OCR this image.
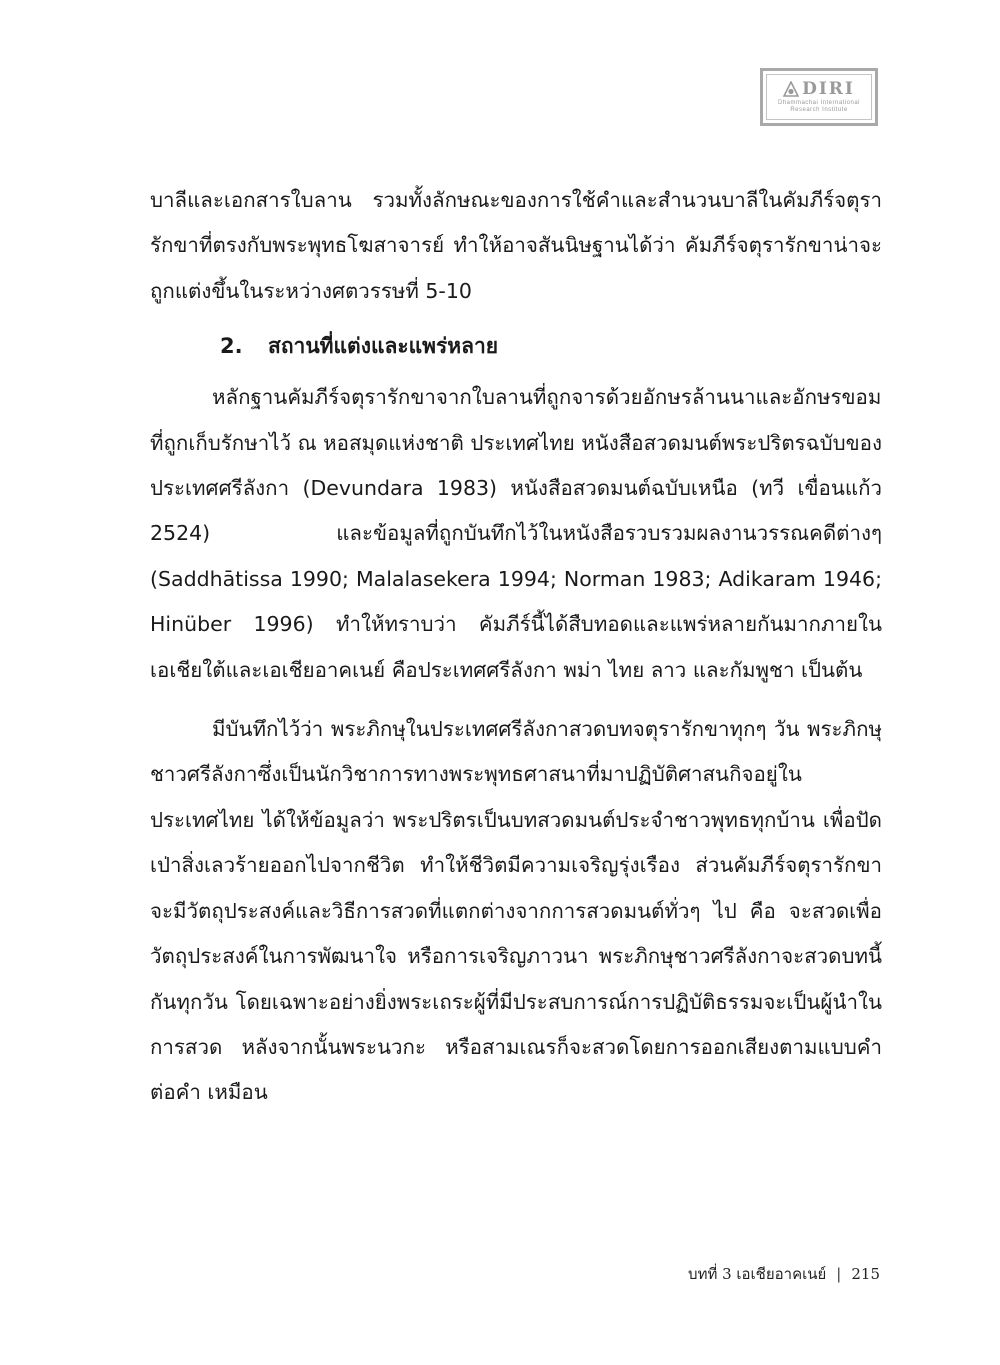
DIRI
Dhammachai International
Research Institute

บาลีและเอกสารใบลาน รวมทั้งลักษณะของการใช้คำและสำนวนบาลีในคัมภีร์จตุรารักขาที่ตรงกับพระพุทธโฆสาจารย์ ทำให้อาจสันนิษฐานได้ว่า คัมภีร์จตุรารักขาน่าจะถูกแต่งขึ้นในระหว่างศตวรรษที่ 5-10

2.	สถานที่แต่งและแพร่หลาย

หลักฐานคัมภีร์จตุรารักขาจากใบลานที่ถูกจารด้วยอักษรล้านนาและอักษรขอมที่ถูกเก็บรักษาไว้ ณ หอสมุดแห่งชาติ ประเทศไทย หนังสือสวดมนต์พระปริตรฉบับของประเทศศรีลังกา (Devundara 1983) หนังสือสวดมนต์ฉบับเหนือ (ทวี เขื่อนแก้ว 2524) และข้อมูลที่ถูกบันทึกไว้ในหนังสือรวบรวมผลงานวรรณคดีต่างๆ (Saddhātissa 1990; Malalasekera 1994; Norman 1983; Adikaram 1946; Hinüber 1996) ทำให้ทราบว่า คัมภีร์นี้ได้สืบทอดและแพร่หลายกันมากภายในเอเชียใต้และเอเชียอาคเนย์ คือประเทศศรีลังกา พม่า ไทย ลาว และกัมพูชา เป็นต้น

มีบันทึกไว้ว่า พระภิกษุในประเทศศรีลังกาสวดบทจตุรารักขาทุกๆ วัน พระภิกษุชาวศรีลังกาซึ่งเป็นนักวิชาการทางพระพุทธศาสนาที่มาปฏิบัติศาสนกิจอยู่ในประเทศไทย ได้ให้ข้อมูลว่า พระปริตรเป็นบทสวดมนต์ประจำชาวพุทธทุกบ้าน เพื่อปัดเป่าสิ่งเลวร้ายออกไปจากชีวิต ทำให้ชีวิตมีความเจริญรุ่งเรือง ส่วนคัมภีร์จตุรารักขาจะมีวัตถุประสงค์และวิธีการสวดที่แตกต่างจากการสวดมนต์ทั่วๆ ไป คือ จะสวดเพื่อวัตถุประสงค์ในการพัฒนาใจ หรือการเจริญภาวนา พระภิกษุชาวศรีลังกาจะสวดบทนี้กันทุกวัน โดยเฉพาะอย่างยิ่งพระเถระผู้ที่มีประสบการณ์การปฏิบัติธรรมจะเป็นผู้นำในการสวด หลังจากนั้นพระนวกะ หรือสามเณรก็จะสวดโดยการออกเสียงตามแบบคำต่อคำ เหมือน

บทที่ 3 เอเชียอาคเนย์ | 215
